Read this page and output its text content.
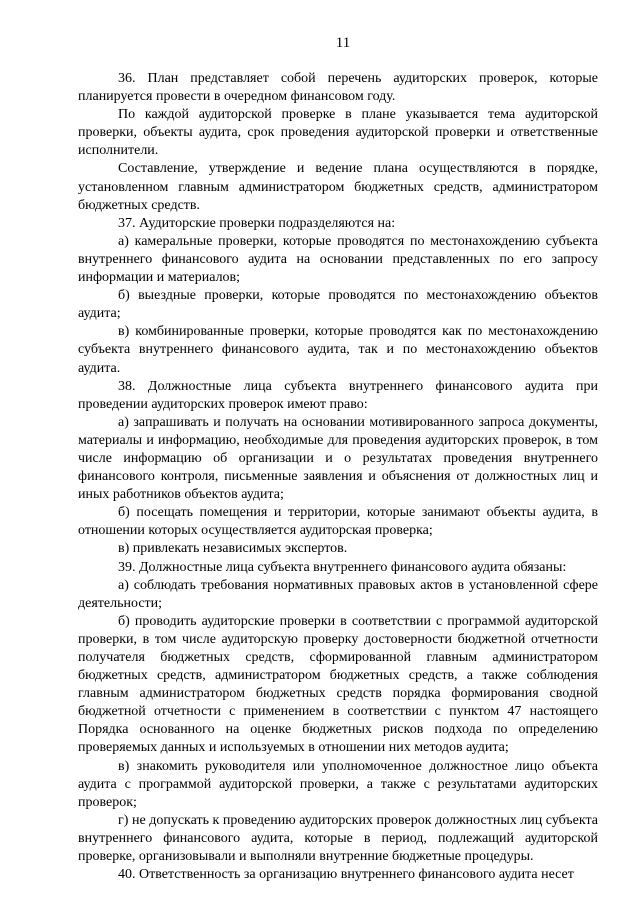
11

36. План представляет собой перечень аудиторских проверок, которые планируется провести в очередном финансовом году.

По каждой аудиторской проверке в плане указывается тема аудиторской проверки, объекты аудита, срок проведения аудиторской проверки и ответственные исполнители.

Составление, утверждение и ведение плана осуществляются в порядке, установленном главным администратором бюджетных средств, администратором бюджетных средств.

37. Аудиторские проверки подразделяются на:

а) камеральные проверки, которые проводятся по местонахождению субъекта внутреннего финансового аудита на основании представленных по его запросу информации и материалов;

б) выездные проверки, которые проводятся по местонахождению объектов аудита;

в) комбинированные проверки, которые проводятся как по местонахождению субъекта внутреннего финансового аудита, так и по местонахождению объектов аудита.

38. Должностные лица субъекта внутреннего финансового аудита при проведении аудиторских проверок имеют право:

а) запрашивать и получать на основании мотивированного запроса документы, материалы и информацию, необходимые для проведения аудиторских проверок, в том числе информацию об организации и о результатах проведения внутреннего финансового контроля, письменные заявления и объяснения от должностных лиц и иных работников объектов аудита;

б) посещать помещения и территории, которые занимают объекты аудита, в отношении которых осуществляется аудиторская проверка;

в) привлекать независимых экспертов.

39. Должностные лица субъекта внутреннего финансового аудита обязаны:

а) соблюдать требования нормативных правовых актов в установленной сфере деятельности;

б) проводить аудиторские проверки в соответствии с программой аудиторской проверки, в том числе аудиторскую проверку достоверности бюджетной отчетности получателя бюджетных средств, сформированной главным администратором бюджетных средств, администратором бюджетных средств, а также соблюдения главным администратором бюджетных средств порядка формирования сводной бюджетной отчетности с применением в соответствии с пунктом 47 настоящего Порядка основанного на оценке бюджетных рисков подхода по определению проверяемых данных и используемых в отношении них методов аудита;

в) знакомить руководителя или уполномоченное должностное лицо объекта аудита с программой аудиторской проверки, а также с результатами аудиторских проверок;

г) не допускать к проведению аудиторских проверок должностных лиц субъекта внутреннего финансового аудита, которые в период, подлежащий аудиторской проверке, организовывали и выполняли внутренние бюджетные процедуры.

40. Ответственность за организацию внутреннего финансового аудита несет
